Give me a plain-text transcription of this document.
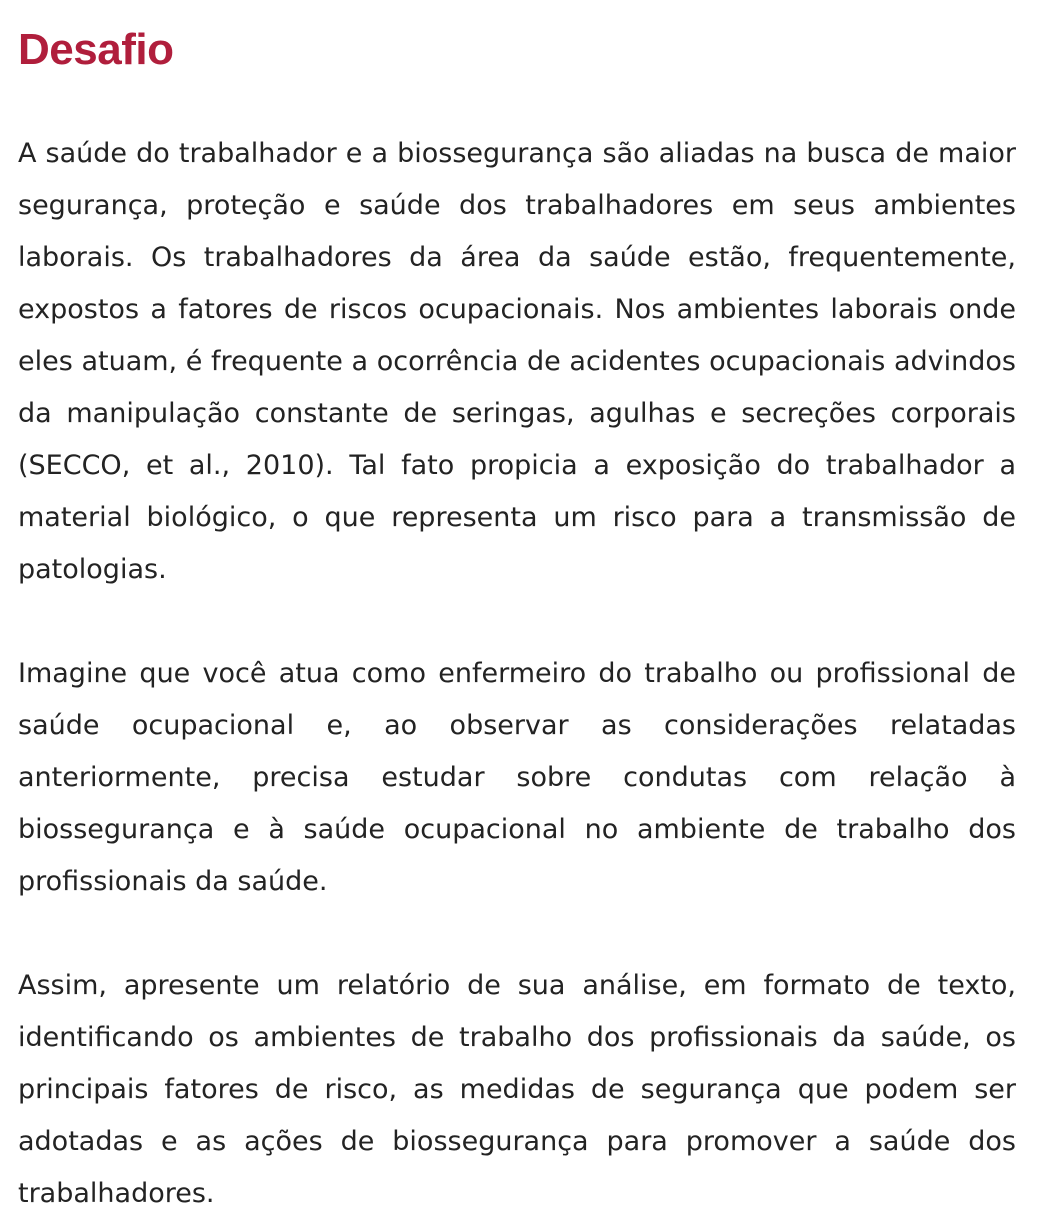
Desafio

A saúde do trabalhador e a biossegurança são aliadas na busca de maior segurança, proteção e saúde dos trabalhadores em seus ambientes laborais. Os trabalhadores da área da saúde estão, frequentemente, expostos a fatores de riscos ocupacionais. Nos ambientes laborais onde eles atuam, é frequente a ocorrência de acidentes ocupacionais advindos da manipulação constante de seringas, agulhas e secreções corporais (SECCO, et al., 2010). Tal fato propicia a exposição do trabalhador a material biológico, o que representa um risco para a transmissão de patologias.

Imagine que você atua como enfermeiro do trabalho ou profissional de saúde ocupacional e, ao observar as considerações relatadas anteriormente, precisa estudar sobre condutas com relação à biossegurança e à saúde ocupacional no ambiente de trabalho dos profissionais da saúde.

Assim, apresente um relatório de sua análise, em formato de texto, identificando os ambientes de trabalho dos profissionais da saúde, os principais fatores de risco, as medidas de segurança que podem ser adotadas e as ações de biossegurança para promover a saúde dos trabalhadores.
